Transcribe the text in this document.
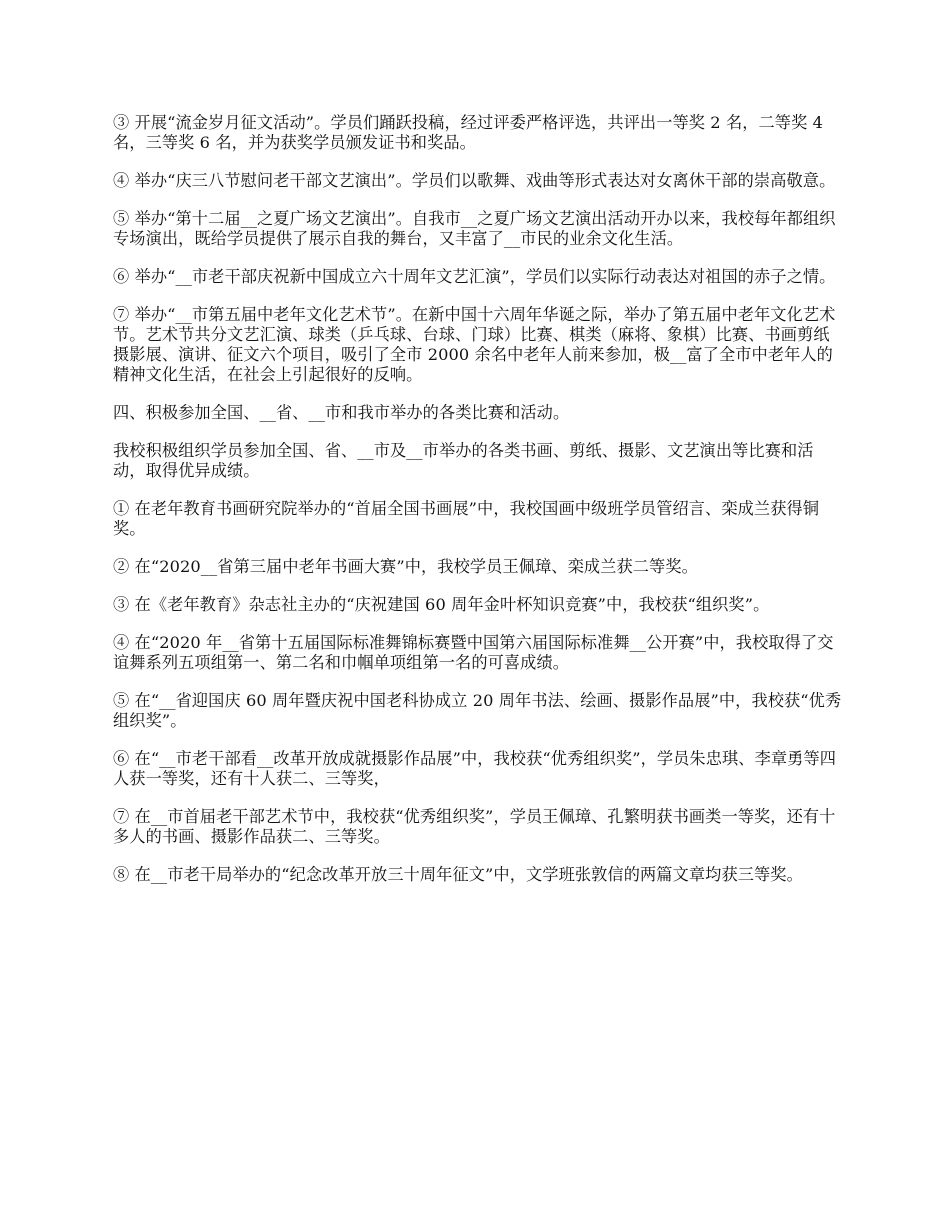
③ 开展“流金岁月征文活动”。学员们踊跃投稿，经过评委严格评选，共评出一等奖 2 名，二等奖 4 名，三等奖 6 名，并为获奖学员颁发证书和奖品。

④ 举办“庆三八节慰问老干部文艺演出”。学员们以歌舞、戏曲等形式表达对女离休干部的崇高敬意。

⑤ 举办“第十二届__之夏广场文艺演出”。自我市__之夏广场文艺演出活动开办以来，我校每年都组织专场演出，既给学员提供了展示自我的舞台，又丰富了__市民的业余文化生活。

⑥ 举办“__市老干部庆祝新中国成立六十周年文艺汇演”，学员们以实际行动表达对祖国的赤子之情。

⑦ 举办“__市第五届中老年文化艺术节”。在新中国十六周年华诞之际，举办了第五届中老年文化艺术节。艺术节共分文艺汇演、球类（乒乓球、台球、门球）比赛、棋类（麻将、象棋）比赛、书画剪纸摄影展、演讲、征文六个项目，吸引了全市 2000 余名中老年人前来参加，极__富了全市中老年人的精神文化生活，在社会上引起很好的反响。

四、积极参加全国、__省、__市和我市举办的各类比赛和活动。

我校积极组织学员参加全国、省、__市及__市举办的各类书画、剪纸、摄影、文艺演出等比赛和活动，取得优异成绩。

① 在老年教育书画研究院举办的“首届全国书画展”中，我校国画中级班学员管绍言、栾成兰获得铜奖。

② 在“2020__省第三届中老年书画大赛”中，我校学员王佩璋、栾成兰获二等奖。

③ 在《老年教育》杂志社主办的“庆祝建国 60 周年金叶杯知识竞赛”中，我校获“组织奖”。

④ 在“2020 年__省第十五届国际标准舞锦标赛暨中国第六届国际标准舞__公开赛”中，我校取得了交谊舞系列五项组第一、第二名和巾帼单项组第一名的可喜成绩。

⑤ 在“__省迎国庆 60 周年暨庆祝中国老科协成立 20 周年书法、绘画、摄影作品展”中，我校获“优秀组织奖”。

⑥ 在“__市老干部看__改革开放成就摄影作品展”中，我校获“优秀组织奖”，学员朱忠琪、李章勇等四人获一等奖，还有十人获二、三等奖，

⑦ 在__市首届老干部艺术节中，我校获“优秀组织奖”，学员王佩璋、孔繁明获书画类一等奖，还有十多人的书画、摄影作品获二、三等奖。

⑧ 在__市老干局举办的“纪念改革开放三十周年征文”中，文学班张敦信的两篇文章均获三等奖。
